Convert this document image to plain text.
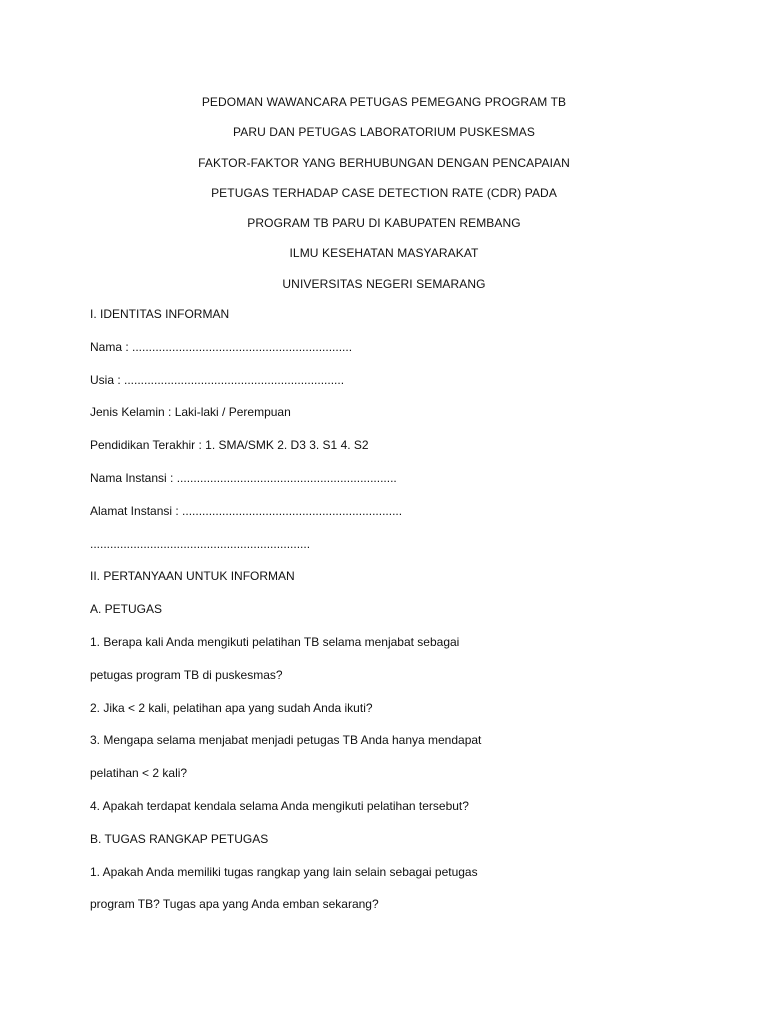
PEDOMAN WAWANCARA PETUGAS PEMEGANG PROGRAM TB
PARU DAN PETUGAS LABORATORIUM PUSKESMAS
FAKTOR-FAKTOR YANG BERHUBUNGAN DENGAN PENCAPAIAN
PETUGAS TERHADAP CASE DETECTION RATE (CDR) PADA
PROGRAM TB PARU DI KABUPATEN REMBANG
ILMU KESEHATAN MASYARAKAT
UNIVERSITAS NEGERI SEMARANG
I. IDENTITAS INFORMAN
Nama : ..................................................................
Usia : ..................................................................
Jenis Kelamin : Laki-laki / Perempuan
Pendidikan Terakhir : 1. SMA/SMK 2. D3 3. S1 4. S2
Nama Instansi : ..................................................................
Alamat Instansi : ..................................................................
..................................................................
II. PERTANYAAN UNTUK INFORMAN
A. PETUGAS
1. Berapa kali Anda mengikuti pelatihan TB selama menjabat sebagai
petugas program TB di puskesmas?
2. Jika < 2 kali, pelatihan apa yang sudah Anda ikuti?
3. Mengapa selama menjabat menjadi petugas TB Anda hanya mendapat
pelatihan < 2 kali?
4. Apakah terdapat kendala selama Anda mengikuti pelatihan tersebut?
B. TUGAS RANGKAP PETUGAS
1. Apakah Anda memiliki tugas rangkap yang lain selain sebagai petugas
program TB? Tugas apa yang Anda emban sekarang?
